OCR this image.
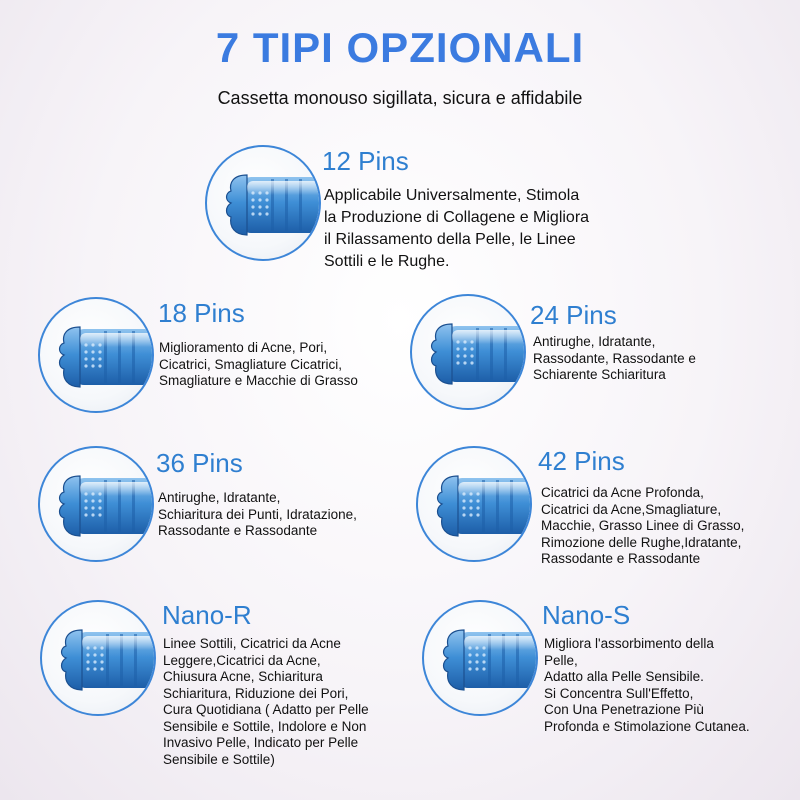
7 TIPI OPZIONALI
Cassetta monouso sigillata, sicura e affidabile
12 Pins
Applicabile Universalmente, Stimola
la Produzione di Collagene e Migliora
il Rilassamento della Pelle, le Linee
Sottili e le Rughe.
18 Pins
Miglioramento di Acne, Pori,
Cicatrici, Smagliature Cicatrici,
Smagliature e Macchie di Grasso
24 Pins
Antirughe, Idratante,
Rassodante, Rassodante e
Schiarente Schiaritura
36 Pins
Antirughe, Idratante,
Schiaritura dei Punti, Idratazione,
Rassodante e Rassodante
42 Pins
Cicatrici da Acne Profonda,
Cicatrici da Acne,Smagliature,
Macchie, Grasso Linee di Grasso,
Rimozione delle Rughe,Idratante,
Rassodante e Rassodante
Nano-R
Linee Sottili, Cicatrici da Acne
Leggere,Cicatrici da Acne,
Chiusura Acne, Schiaritura
Schiaritura, Riduzione dei Pori,
Cura Quotidiana ( Adatto per Pelle
Sensibile e Sottile, Indolore e Non
Invasivo Pelle, Indicato per Pelle
Sensibile e Sottile)
Nano-S
Migliora l'assorbimento della
Pelle,
Adatto alla Pelle Sensibile.
Si Concentra Sull'Effetto,
Con Una Penetrazione Più
Profonda e Stimolazione Cutanea.
